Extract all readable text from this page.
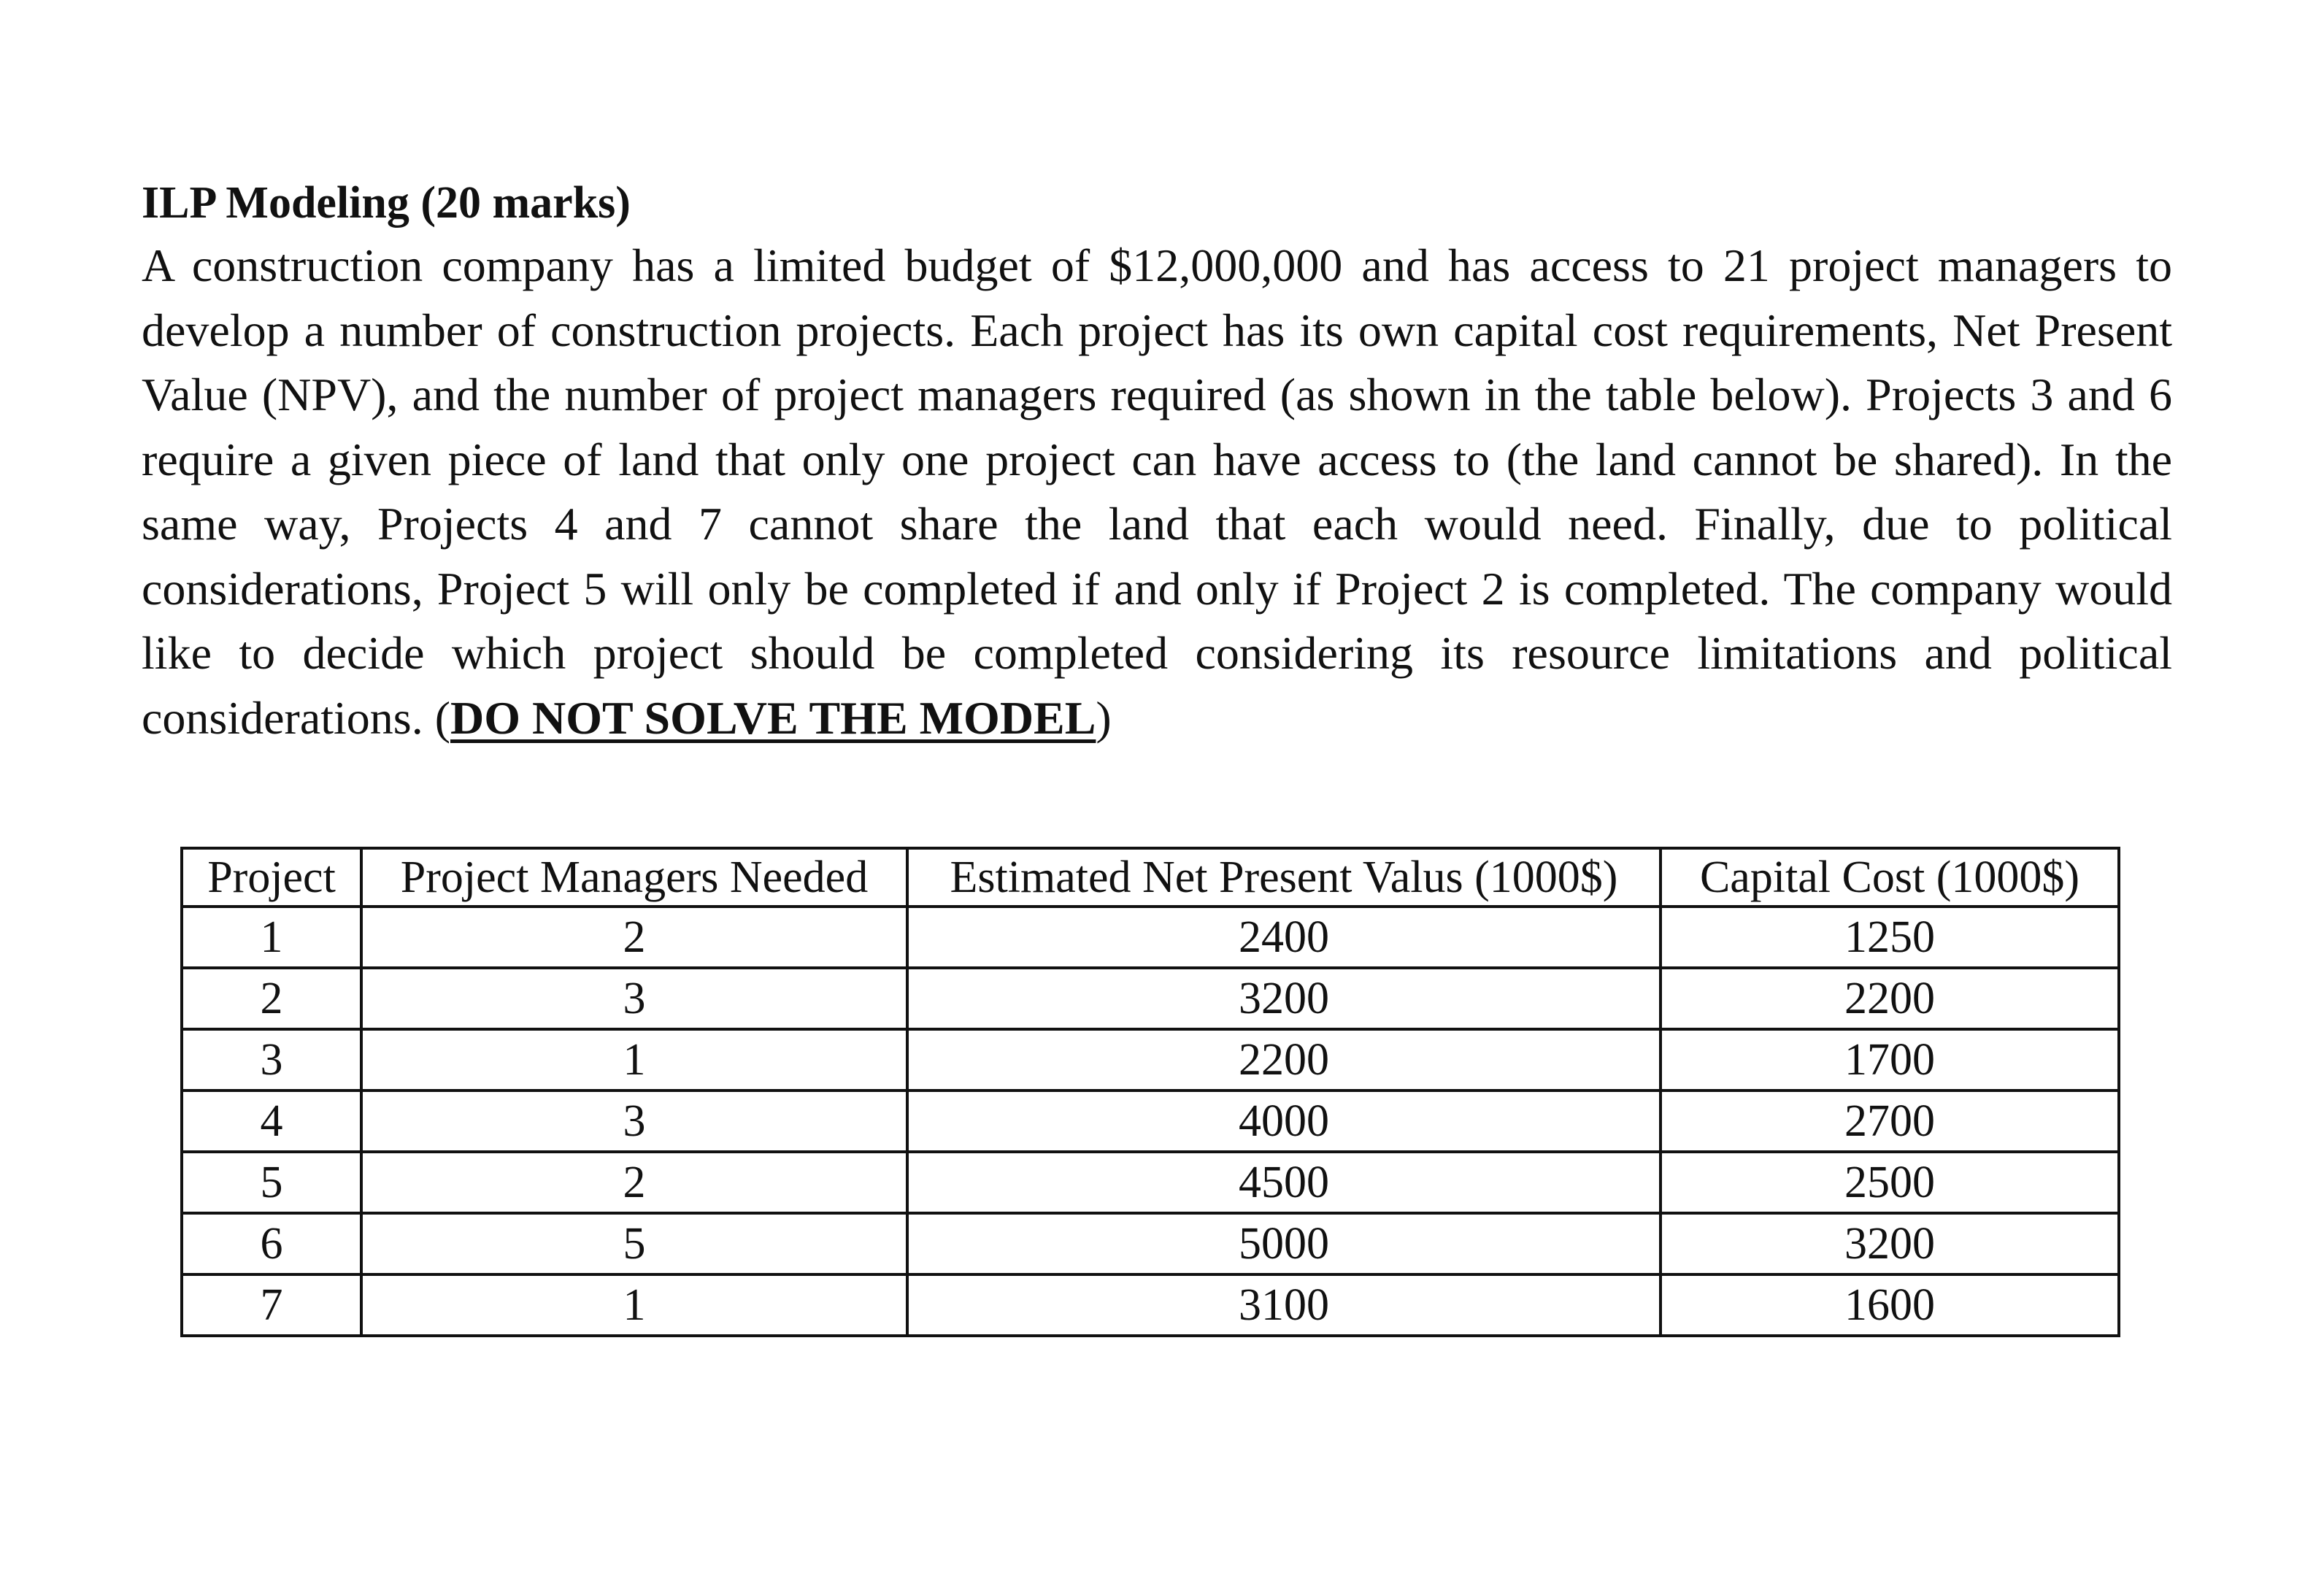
ILP Modeling (20 marks)

A construction company has a limited budget of $12,000,000 and has access to 21 project managers to develop a number of construction projects. Each project has its own capital cost requirements, Net Present Value (NPV), and the number of project managers required (as shown in the table below). Projects 3 and 6 require a given piece of land that only one project can have access to (the land cannot be shared). In the same way, Projects 4 and 7 cannot share the land that each would need. Finally, due to political considerations, Project 5 will only be completed if and only if Project 2 is completed. The company would like to decide which project should be completed considering its resource limitations and political considerations. (DO NOT SOLVE THE MODEL)

Project	Project Managers Needed	Estimated Net Present Valus (1000$)	Capital Cost (1000$)
1	2	2400	1250
2	3	3200	2200
3	1	2200	1700
4	3	4000	2700
5	2	4500	2500
6	5	5000	3200
7	1	3100	1600
